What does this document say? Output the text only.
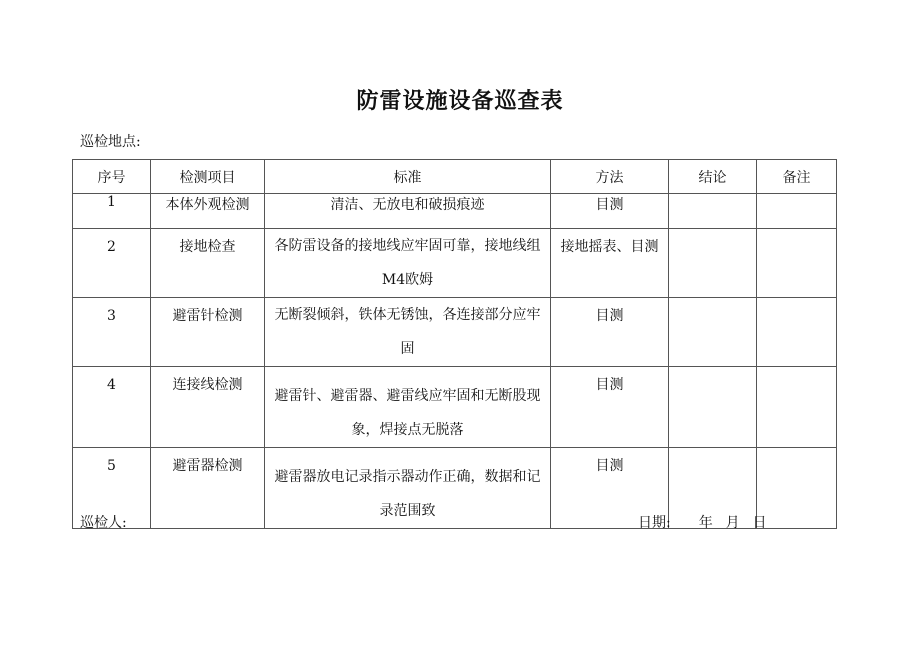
防雷设施设备巡查表
巡检地点:
序号	检测项目	标准	方法	结论	备注
1	本体外观检测	清洁、无放电和破损痕迹	目测		

2	接地检查	各防雷设备的接地线应牢固可靠，接地线组M4欧姆	接地摇表、目测		

3	避雷针检测	无断裂倾斜，铁体无锈蚀，各连接部分应牢固	目测		

4	连接线检测	避雷针、避雷器、避雷线应牢固和无断股现象，焊接点无脱落	目测		

5	避雷器检测	避雷器放电记录指示器动作正确，数据和记录范围致	目测		

巡检人:	日期: 年 月 日
